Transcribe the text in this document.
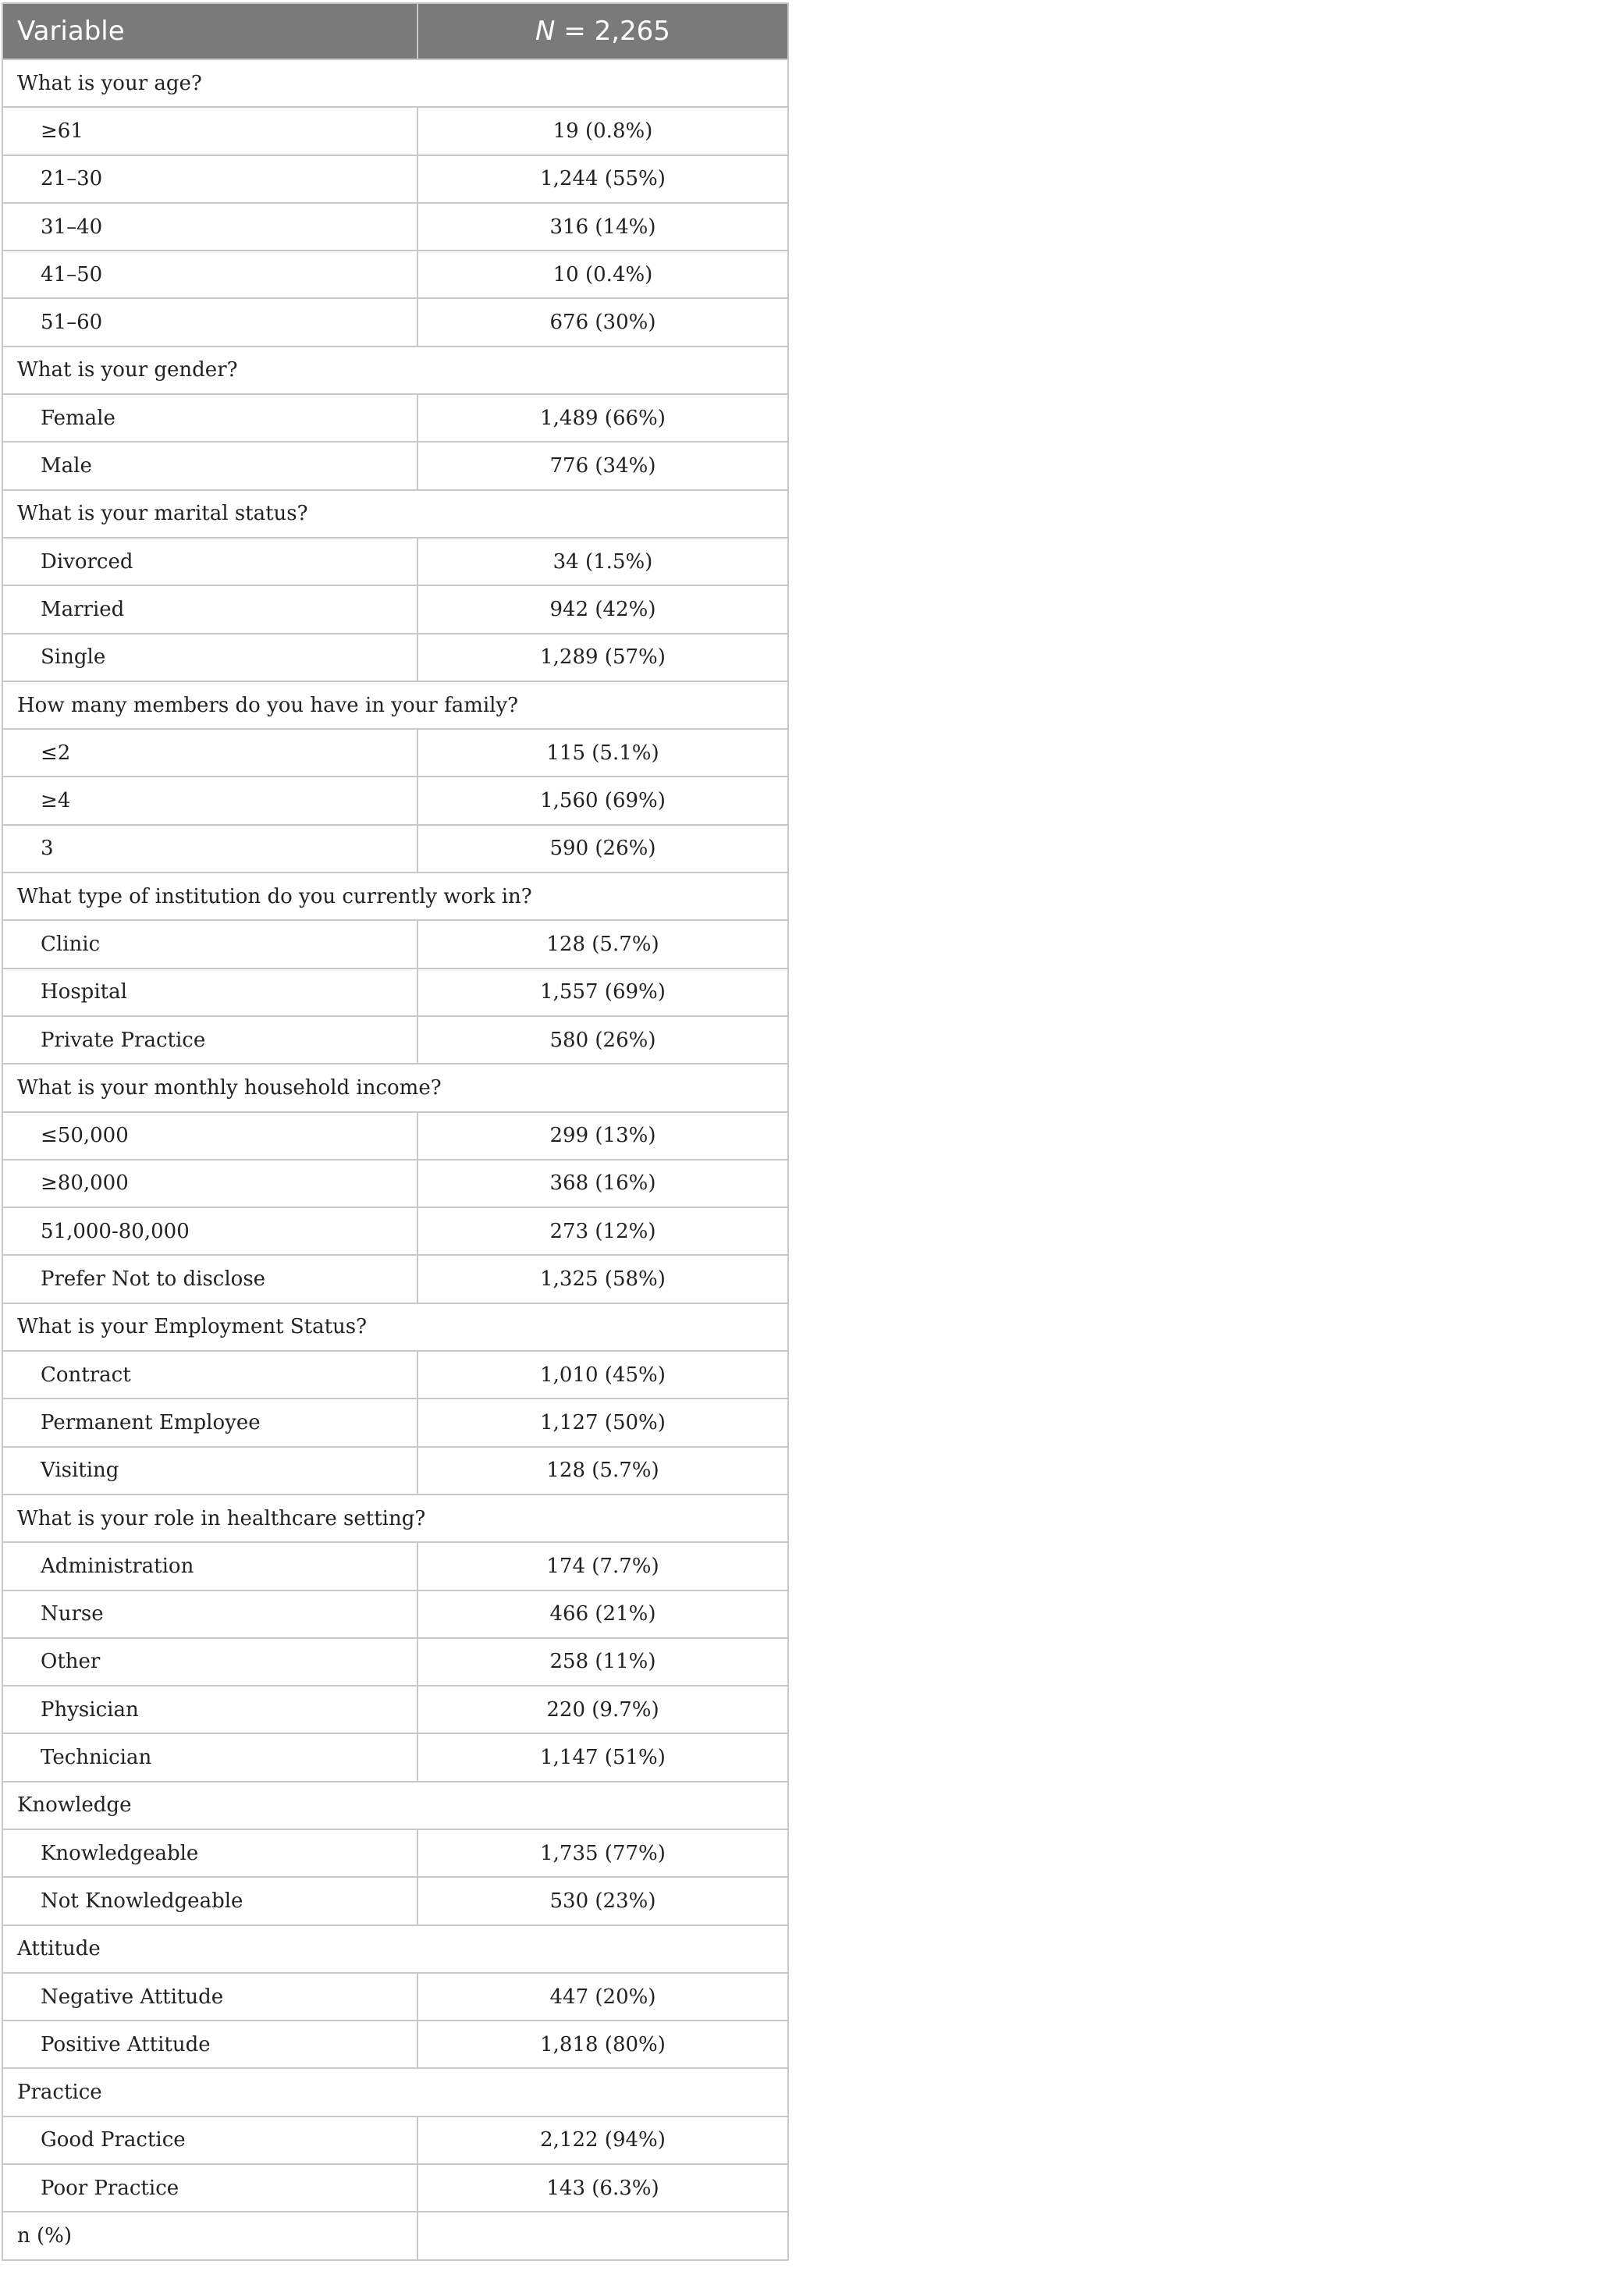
Variable	N = 2,265
What is your age?	
≥61	19 (0.8%)
21–30	1,244 (55%)
31–40	316 (14%)
41–50	10 (0.4%)
51–60	676 (30%)
What is your gender?	
Female	1,489 (66%)
Male	776 (34%)
What is your marital status?	
Divorced	34 (1.5%)
Married	942 (42%)
Single	1,289 (57%)
How many members do you have in your family?	
≤2	115 (5.1%)
≥4	1,560 (69%)
3	590 (26%)
What type of institution do you currently work in?	
Clinic	128 (5.7%)
Hospital	1,557 (69%)
Private Practice	580 (26%)
What is your monthly household income?	
≤50,000	299 (13%)
≥80,000	368 (16%)
51,000-80,000	273 (12%)
Prefer Not to disclose	1,325 (58%)
What is your Employment Status?	
Contract	1,010 (45%)
Permanent Employee	1,127 (50%)
Visiting	128 (5.7%)
What is your role in healthcare setting?	
Administration	174 (7.7%)
Nurse	466 (21%)
Other	258 (11%)
Physician	220 (9.7%)
Technician	1,147 (51%)
Knowledge	
Knowledgeable	1,735 (77%)
Not Knowledgeable	530 (23%)
Attitude	
Negative Attitude	447 (20%)
Positive Attitude	1,818 (80%)
Practice	
Good Practice	2,122 (94%)
Poor Practice	143 (6.3%)
n (%)	
